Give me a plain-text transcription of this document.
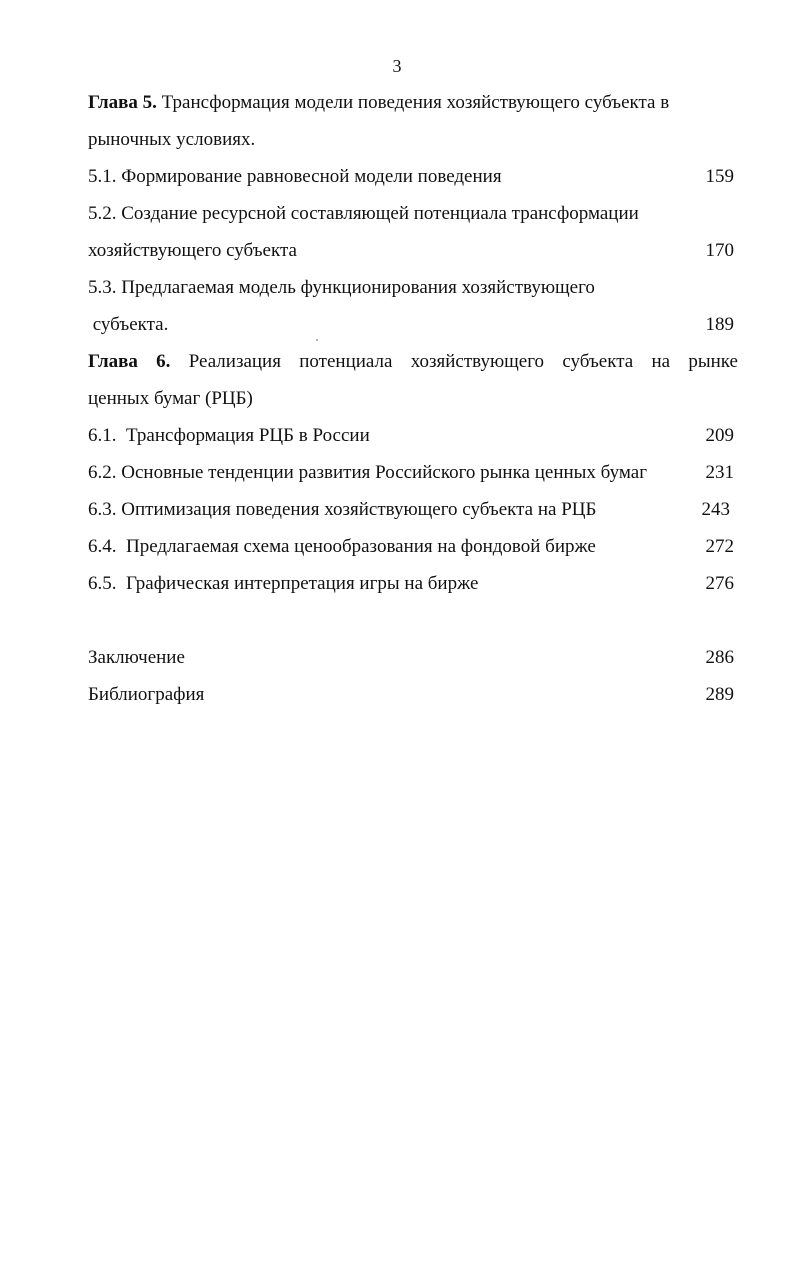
3
Глава 5. Трансформация модели поведения хозяйствующего субъекта в
рыночных условиях.
5.1. Формирование равновесной модели поведения	159
5.2. Создание ресурсной составляющей потенциала трансформации
хозяйствующего субъекта	170
5.3. Предлагаемая модель функционирования хозяйствующего
субъекта.	189
Глава 6. Реализация потенциала хозяйствующего субъекта на рынке
ценных бумаг (РЦБ)
6.1.  Трансформация РЦБ в России	209
6.2. Основные тенденции развития Российского рынка ценных бумаг	231
6.3. Оптимизация поведения хозяйствующего субъекта на РЦБ	243
6.4.  Предлагаемая схема ценообразования на фондовой бирже	272
6.5.  Графическая интерпретация игры на бирже	276
Заключение	286
Библиография	289
